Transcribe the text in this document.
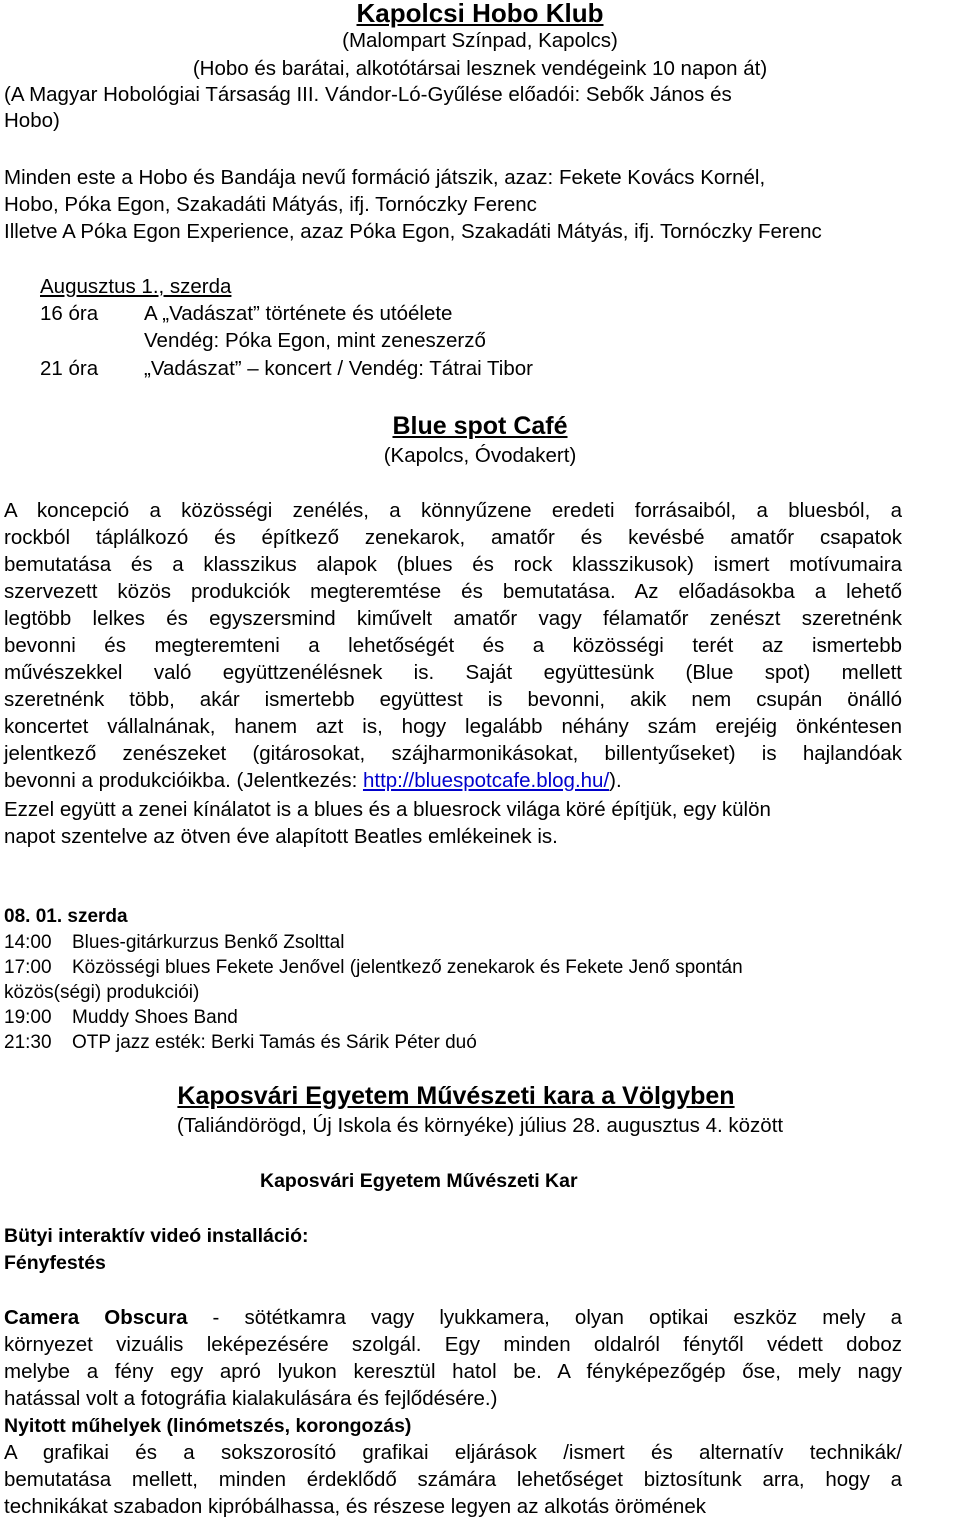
Kapolcsi Hobo Klub
(Malompart Színpad, Kapolcs)
(Hobo és barátai, alkotótársai lesznek vendégeink 10 napon át)
(A Magyar Hobológiai Társaság III. Vándor-Ló-Gyűlése előadói: Sebők János és
Hobo)
Minden este a Hobo és Bandája nevű formáció játszik, azaz: Fekete Kovács Kornél,
Hobo, Póka Egon, Szakadáti Mátyás, ifj. Tornóczky Ferenc
Illetve A Póka Egon Experience, azaz Póka Egon, Szakadáti Mátyás, ifj. Tornóczky Ferenc
Augusztus 1., szerda
16 óra A „Vadászat” története és utóélete
Vendég: Póka Egon, mint zeneszerző
21 óra „Vadászat” – koncert / Vendég: Tátrai Tibor
Blue spot Café
(Kapolcs, Óvodakert)
A koncepció a közösségi zenélés, a könnyűzene eredeti forrásaiból, a bluesból, a
rockból táplálkozó és építkező zenekarok, amatőr és kevésbé amatőr csapatok
bemutatása és a klasszikus alapok (blues és rock klasszikusok) ismert motívumaira
szervezett közös produkciók megteremtése és bemutatása. Az előadásokba a lehető
legtöbb lelkes és egyszersmind kiművelt amatőr vagy félamatőr zenészt szeretnénk
bevonni és megteremteni a lehetőségét és a közösségi terét az ismertebb
művészekkel való együttzenélésnek is. Saját együttesünk (Blue spot) mellett
szeretnénk több, akár ismertebb együttest is bevonni, akik nem csupán önálló
koncertet vállalnának, hanem azt is, hogy legalább néhány szám erejéig önkéntesen
jelentkező zenészeket (gitárosokat, szájharmonikásokat, billentyűseket) is hajlandóak
bevonni a produkcióikba. (Jelentkezés: http://bluespotcafe.blog.hu/).
Ezzel együtt a zenei kínálatot is a blues és a bluesrock világa köré építjük, egy külön
napot szentelve az ötven éve alapított Beatles emlékeinek is.
08. 01. szerda
14:00 Blues-gitárkurzus Benkő Zsolttal
17:00 Közösségi blues Fekete Jenővel (jelentkező zenekarok és Fekete Jenő spontán
közös(ségi) produkciói)
19:00 Muddy Shoes Band
21:30 OTP jazz esték: Berki Tamás és Sárik Péter duó
Kaposvári Egyetem Művészeti kara a Völgyben
(Taliándörögd, Új Iskola és környéke) július 28. augusztus 4. között
Kaposvári Egyetem Művészeti Kar
Bütyi interaktív videó installáció:
Fényfestés
Camera Obscura - sötétkamra vagy lyukkamera, olyan optikai eszköz mely a
környezet vizuális leképezésére szolgál. Egy minden oldalról fénytől védett doboz
melybe a fény egy apró lyukon keresztül hatol be. A fényképezőgép őse, mely nagy
hatással volt a fotográfia kialakulására és fejlődésére.)
Nyitott műhelyek (linómetszés, korongozás)
A grafikai és a sokszorosító grafikai eljárások /ismert és alternatív technikák/
bemutatása mellett, minden érdeklődő számára lehetőséget biztosítunk arra, hogy a
technikákat szabadon kipróbálhassa, és részese legyen az alkotás örömének
